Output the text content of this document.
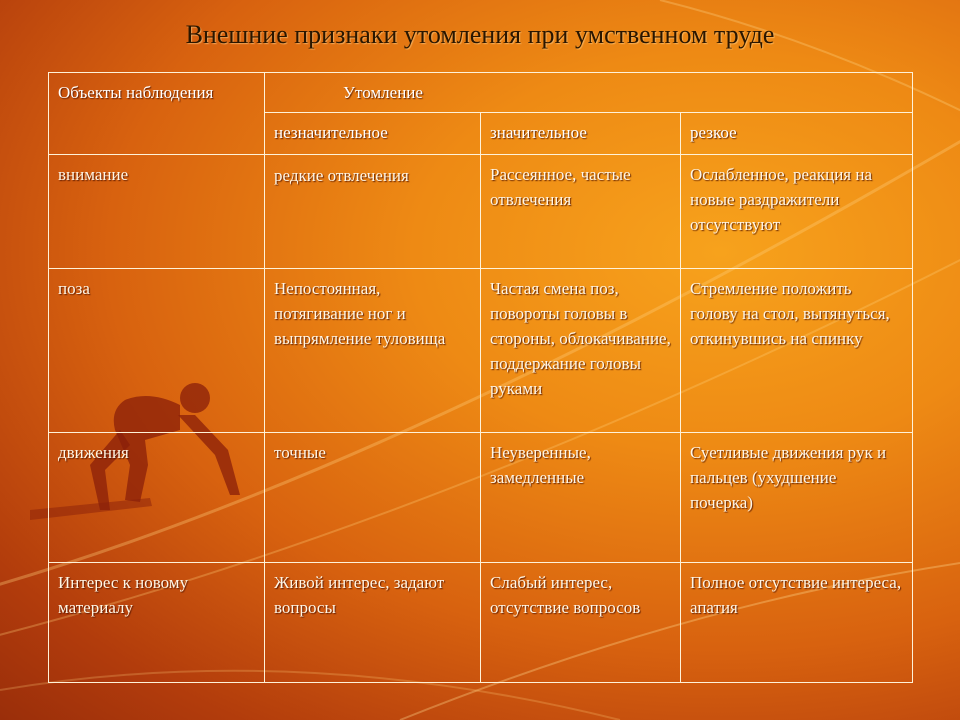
Внешние признаки утомления при умственном труде
Объекты наблюдения	Утомление		
	незначительное	значительное	резкое
внимание	редкие отвлечения	Рассеянное, частые отвлечения	Ослабленное, реакция на новые раздражители отсутствуют
поза	Непостоянная, потягивание ног и выпрямление туловища	Частая смена поз, повороты головы в стороны, облокачивание, поддержание головы руками	Стремление положить голову на стол, вытянуться, откинувшись на спинку
движения	точные	Неуверенные, замедленные	Суетливые движения рук и пальцев (ухудшение почерка)
Интерес к новому материалу	Живой интерес, задают вопросы	Слабый интерес, отсутствие вопросов	Полное отсутствие интереса, апатия
